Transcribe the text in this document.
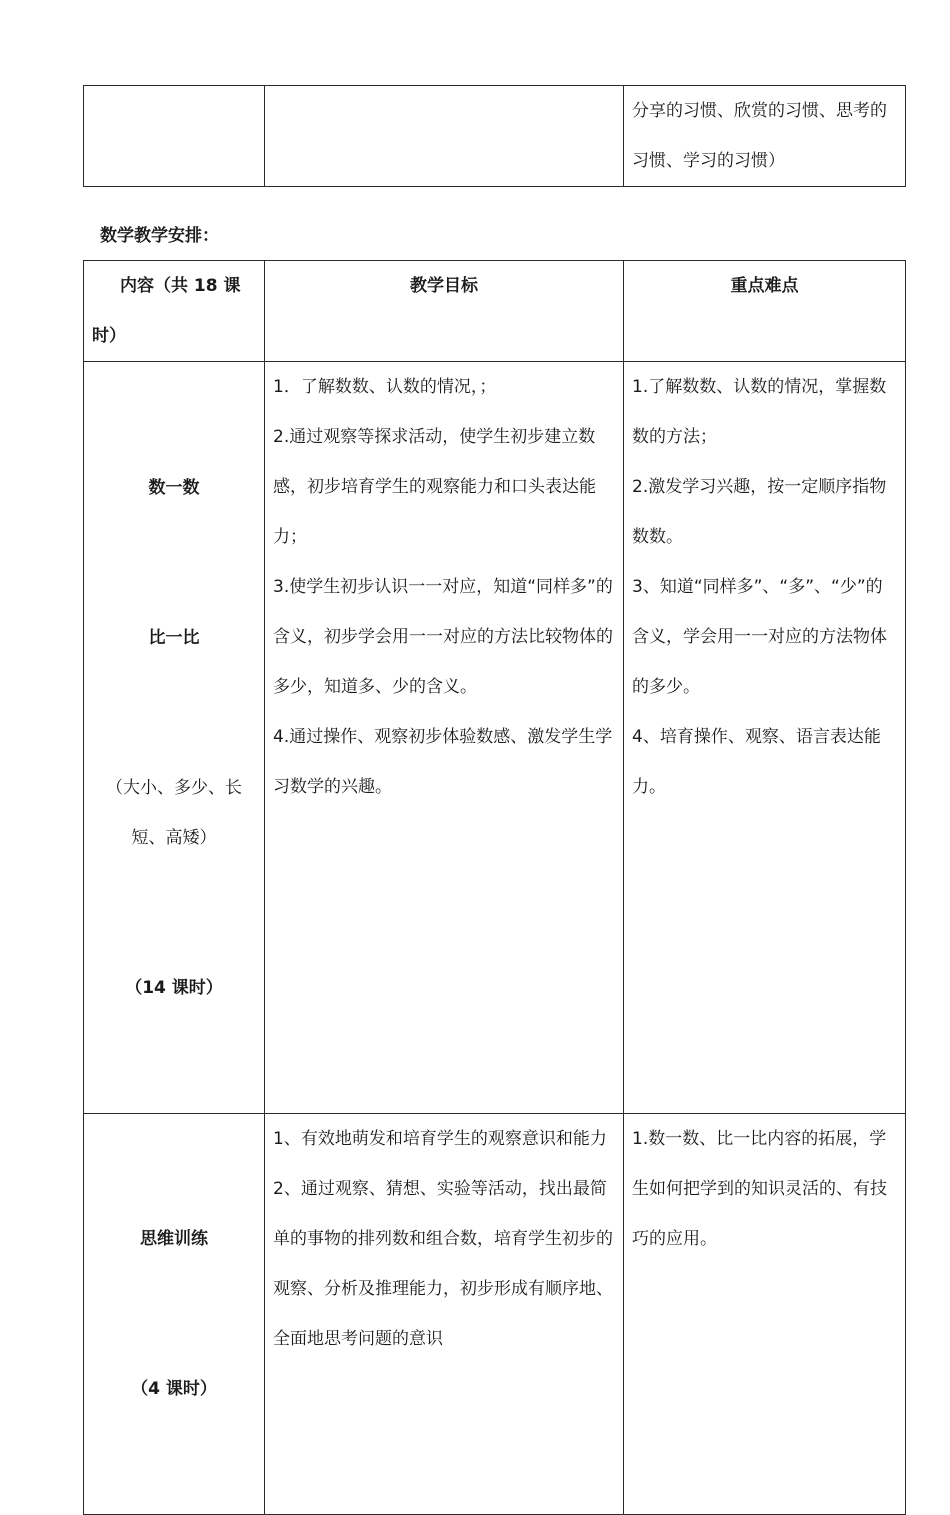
分享的习惯、欣赏的习惯、思考的习惯、学习的习惯）
数学教学安排：
内容（共 18 课时）	教学目标	重点难点

数一数

比一比

（大小、多少、长短、高矮）

（14 课时）	1．了解数数、认数的情况，；
2.通过观察等探求活动，使学生初步建立数感，初步培育学生的观察能力和口头表达能力；
3.使学生初步认识一一对应，知道“同样多”的含义，初步学会用一一对应的方法比较物体的多少，知道多、少的含义。
4.通过操作、观察初步体验数感、激发学生学习数学的兴趣。	1.了解数数、认数的情况，掌握数数的方法；
2.激发学习兴趣，按一定顺序指物数数。
3、知道“同样多”、“多”、“少”的含义，学会用一一对应的方法物体的多少。
4、培育操作、观察、语言表达能力。

思维训练

（4 课时）	1、有效地萌发和培育学生的观察意识和能力
2、通过观察、猜想、实验等活动，找出最简单的事物的排列数和组合数，培育学生初步的观察、分析及推理能力，初步形成有顺序地、全面地思考问题的意识	1.数一数、比一比内容的拓展，学生如何把学到的知识灵活的、有技巧的应用。
